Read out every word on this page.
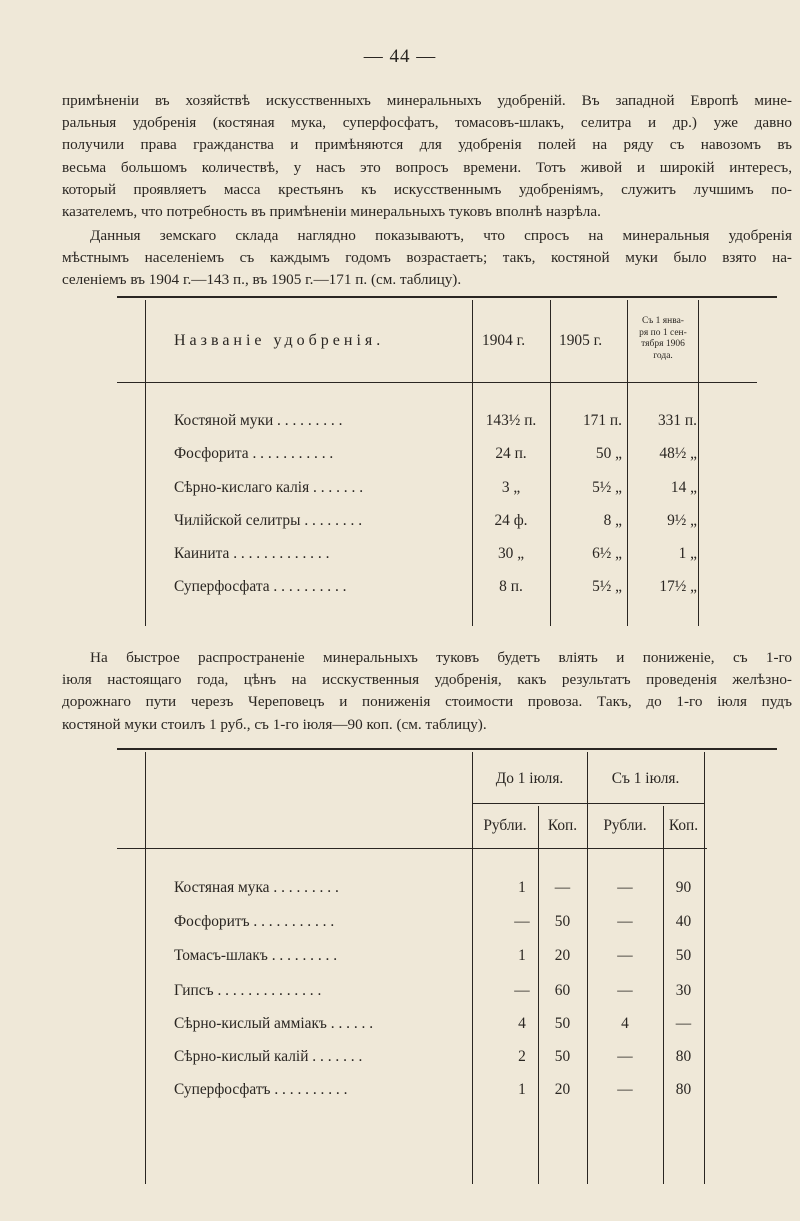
— 44 —

примѣненіи въ хозяйствѣ искусственныхъ минеральныхъ удобреній. Въ западной Европѣ мине-
ральныя удобренія (костяная мука, суперфосфатъ, томасовъ-шлакъ, селитра и др.) уже давно
получили права гражданства и примѣняются для удобренія полей на ряду съ навозомъ въ
весьма большомъ количествѣ, у насъ это вопросъ времени. Тотъ живой и широкій интересъ,
который проявляетъ масса крестьянъ къ искусственнымъ удобреніямъ, служитъ лучшимъ по-
казателемъ, что потребность въ примѣненіи минеральныхъ туковъ вполнѣ назрѣла.

Данныя земскаго склада наглядно показываютъ, что спросъ на минеральныя удобренія
мѣстнымъ населеніемъ съ каждымъ годомъ возрастаетъ; такъ, костяной муки было взято на-
селеніемъ въ 1904 г.—143 п., въ 1905 г.—171 п. (см. таблицу).

Названіе удобренія.	1904 г. 1905 г.
Съ 1 янва-
ря по 1 сен-
тября 1906
года.
Костяной муки . . . . . . . . .	143½ п.	171 п.	331 п.
Фосфорита . . . . . . . . . . .	24 п.	50 „	48½ „
Сѣрно-кислаго калія . . . . . . .	3 „	5½ „	14 „
Чилійской селитры . . . . . . . .	24 ф.	8 „	9½ „
Каинита . . . . . . . . . . . . .	30 „	6½ „	1 „
Суперфосфата . . . . . . . . . .	8 п.	5½ „	17½ „

На быстрое распространеніе минеральныхъ туковъ будетъ вліять и пониженіе, съ 1-го
іюля настоящаго года, цѣнъ на исскуственныя удобренія, какъ результатъ проведенія желѣзно-
дорожнаго пути черезъ Череповецъ и пониженія стоимости провоза. Такъ, до 1-го іюля пудъ
костяной муки стоилъ 1 руб., съ 1-го іюля—90 коп. (см. таблицу).

До 1 іюля.	Съ 1 іюля.
Рубли.	Коп.	Рубли.	Коп.
Костяная мука . . . . . . . . .	1	—	—	90
Фосфоритъ . . . . . . . . . . .	—	50	—	40
Томасъ-шлакъ . . . . . . . . .	1	20	—	50
Гипсъ . . . . . . . . . . . . . .	—	60	—	30
Сѣрно-кислый амміакъ . . . . . .	4	50	4	—
Сѣрно-кислый калій . . . . . . .	2	50	—	80
Суперфосфатъ . . . . . . . . . .	1	20	—	80
